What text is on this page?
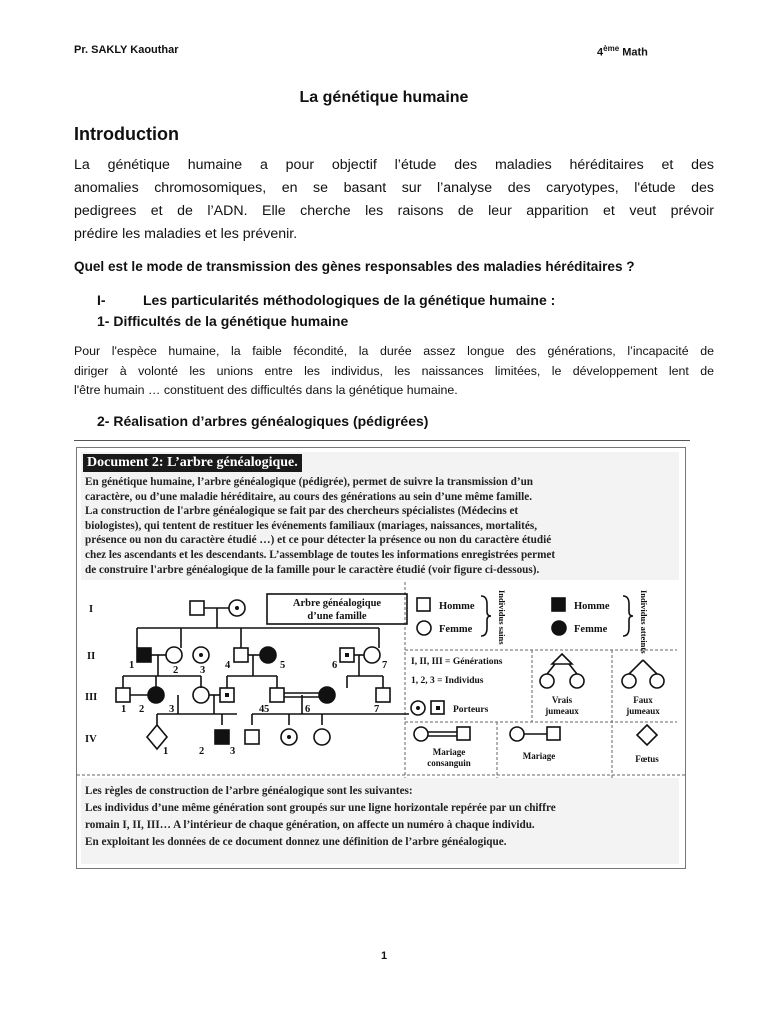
Pr. SAKLY Kaouthar	4ème Math
La génétique humaine
Introduction
La génétique humaine a pour objectif l’étude des maladies héréditaires et des
anomalies chromosomiques, en se basant sur l’analyse des caryotypes, l'étude des
pedigrees et de l’ADN. Elle cherche les raisons de leur apparition et veut prévoir
prédire les maladies et les prévenir.
Quel est le mode de transmission des gènes responsables des maladies héréditaires ?
I-	Les particularités méthodologiques de la génétique humaine :
1- Difficultés de la génétique humaine
Pour l'espèce humaine, la faible fécondité, la durée assez longue des générations, l’incapacité de
diriger à volonté les unions entre les individus, les naissances limitées, le développement lent de
l'être humain … constituent des difficultés dans la génétique humaine.
2- Réalisation d’arbres généalogiques (pédigrées)
Document 2: L’arbre généalogique.
En génétique humaine, l’arbre généalogique (pédigrée), permet de suivre la transmission d’un
caractère, ou d’une maladie héréditaire, au cours des générations au sein d’une même famille.
La construction de l'arbre généalogique se fait par des chercheurs spécialistes (Médecins et
biologistes), qui tentent de restituer les événements familiaux (mariages, naissances, mortalités,
présence ou non du caractère étudié …) et ce pour détecter la présence ou non du caractère étudié
chez les ascendants et les descendants. L’assemblage de toutes les informations enregistrées permet
de construire l'arbre généalogique de la famille pour le caractère étudié (voir figure ci-dessous).
Arbre généalogique
d’une famille
I
II
III
IV
1	2 3 4	5	6	7
1 2 3	4 5	6	7
1	2 3
Homme
Femme
Homme
Femme
Individus sains	Individus atteints
I, II, III = Générations
1, 2, 3 = Individus
Porteurs
Vrais
jumeaux
Faux
jumeaux
Mariage
consanguin
Mariage	Fœtus
Les règles de construction de l’arbre généalogique sont les suivantes:
Les individus d’une même génération sont groupés sur une ligne horizontale repérée par un chiffre
romain I, II, III… A l’intérieur de chaque génération, on affecte un numéro à chaque individu.
En exploitant les données de ce document donnez une définition de l’arbre généalogique.
1
